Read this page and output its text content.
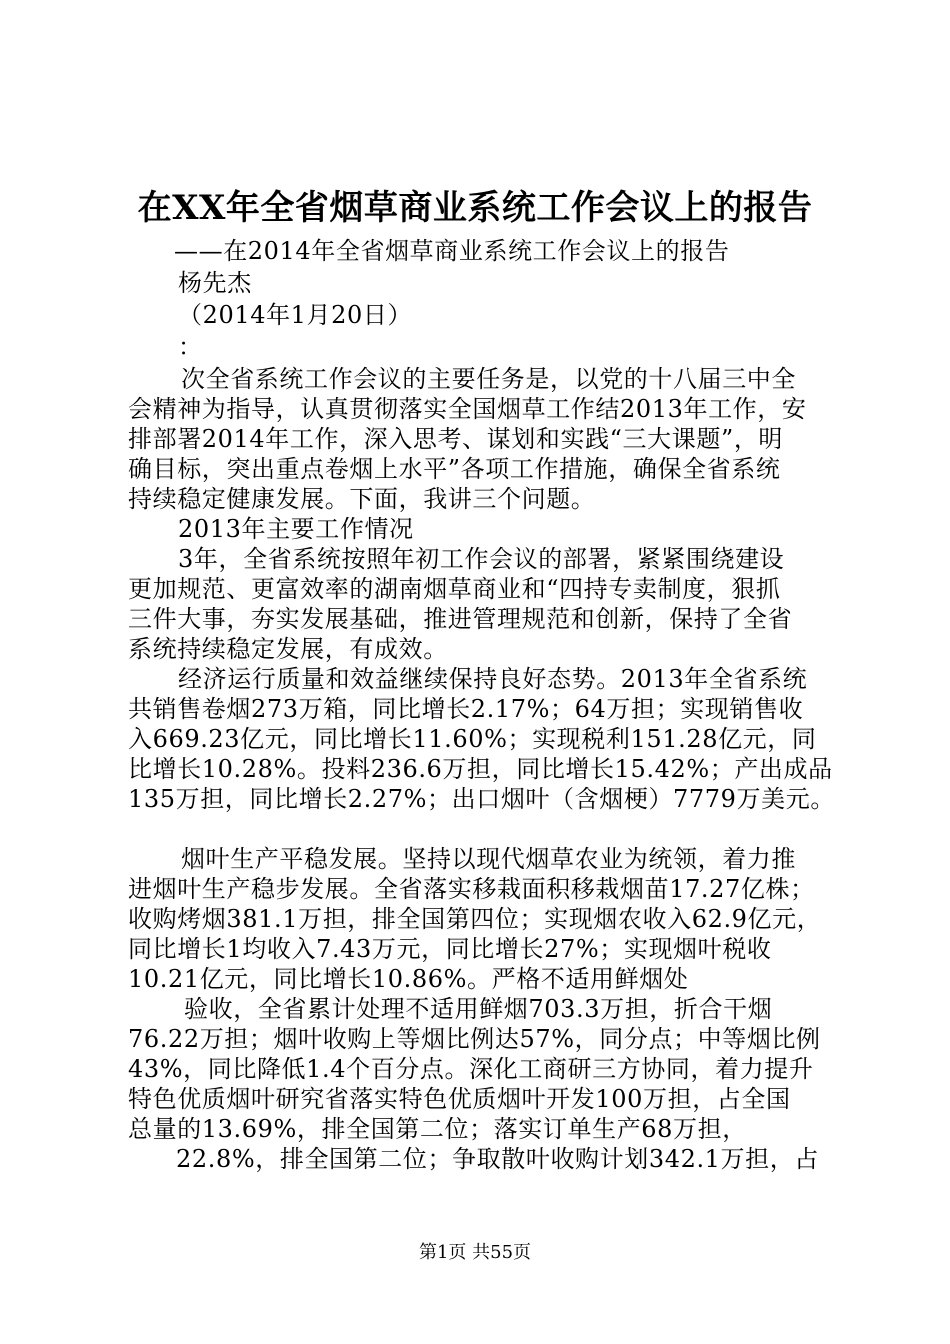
在XX年全省烟草商业系统工作会议上的报告
——在2014年全省烟草商业系统工作会议上的报告
杨先杰
（2014年1月20日）
：
次全省系统工作会议的主要任务是，以党的十八届三中全
会精神为指导，认真贯彻落实全国烟草工作结2013年工作，安
排部署2014年工作，深入思考、谋划和实践“三大课题”，明
确目标，突出重点卷烟上水平”各项工作措施，确保全省系统
持续稳定健康发展。下面，我讲三个问题。
2013年主要工作情况
3年，全省系统按照年初工作会议的部署，紧紧围绕建设
更加规范、更富效率的湖南烟草商业和“四持专卖制度，狠抓
三件大事，夯实发展基础，推进管理规范和创新，保持了全省
系统持续稳定发展，有成效。
经济运行质量和效益继续保持良好态势。2013年全省系统
共销售卷烟273万箱，同比增长2.17%；64万担；实现销售收
入669.23亿元，同比增长11.60%；实现税利151.28亿元，同
比增长10.28%。投料236.6万担，同比增长15.42%；产出成品
135万担，同比增长2.27%；出口烟叶（含烟梗）7779万美元。
烟叶生产平稳发展。坚持以现代烟草农业为统领，着力推
进烟叶生产稳步发展。全省落实移栽面积移栽烟苗17.27亿株；
收购烤烟381.1万担，排全国第四位；实现烟农收入62.9亿元，
同比增长1均收入7.43万元，同比增长27%；实现烟叶税收
10.21亿元，同比增长10.86%。严格不适用鲜烟处
验收，全省累计处理不适用鲜烟703.3万担，折合干烟
76.22万担；烟叶收购上等烟比例达57%，同分点；中等烟比例
43%，同比降低1.4个百分点。深化工商研三方协同，着力提升
特色优质烟叶研究省落实特色优质烟叶开发100万担，占全国
总量的13.69%，排全国第二位；落实订单生产68万担，
22.8%，排全国第二位；争取散叶收购计划342.1万担，占
第1页 共55页
